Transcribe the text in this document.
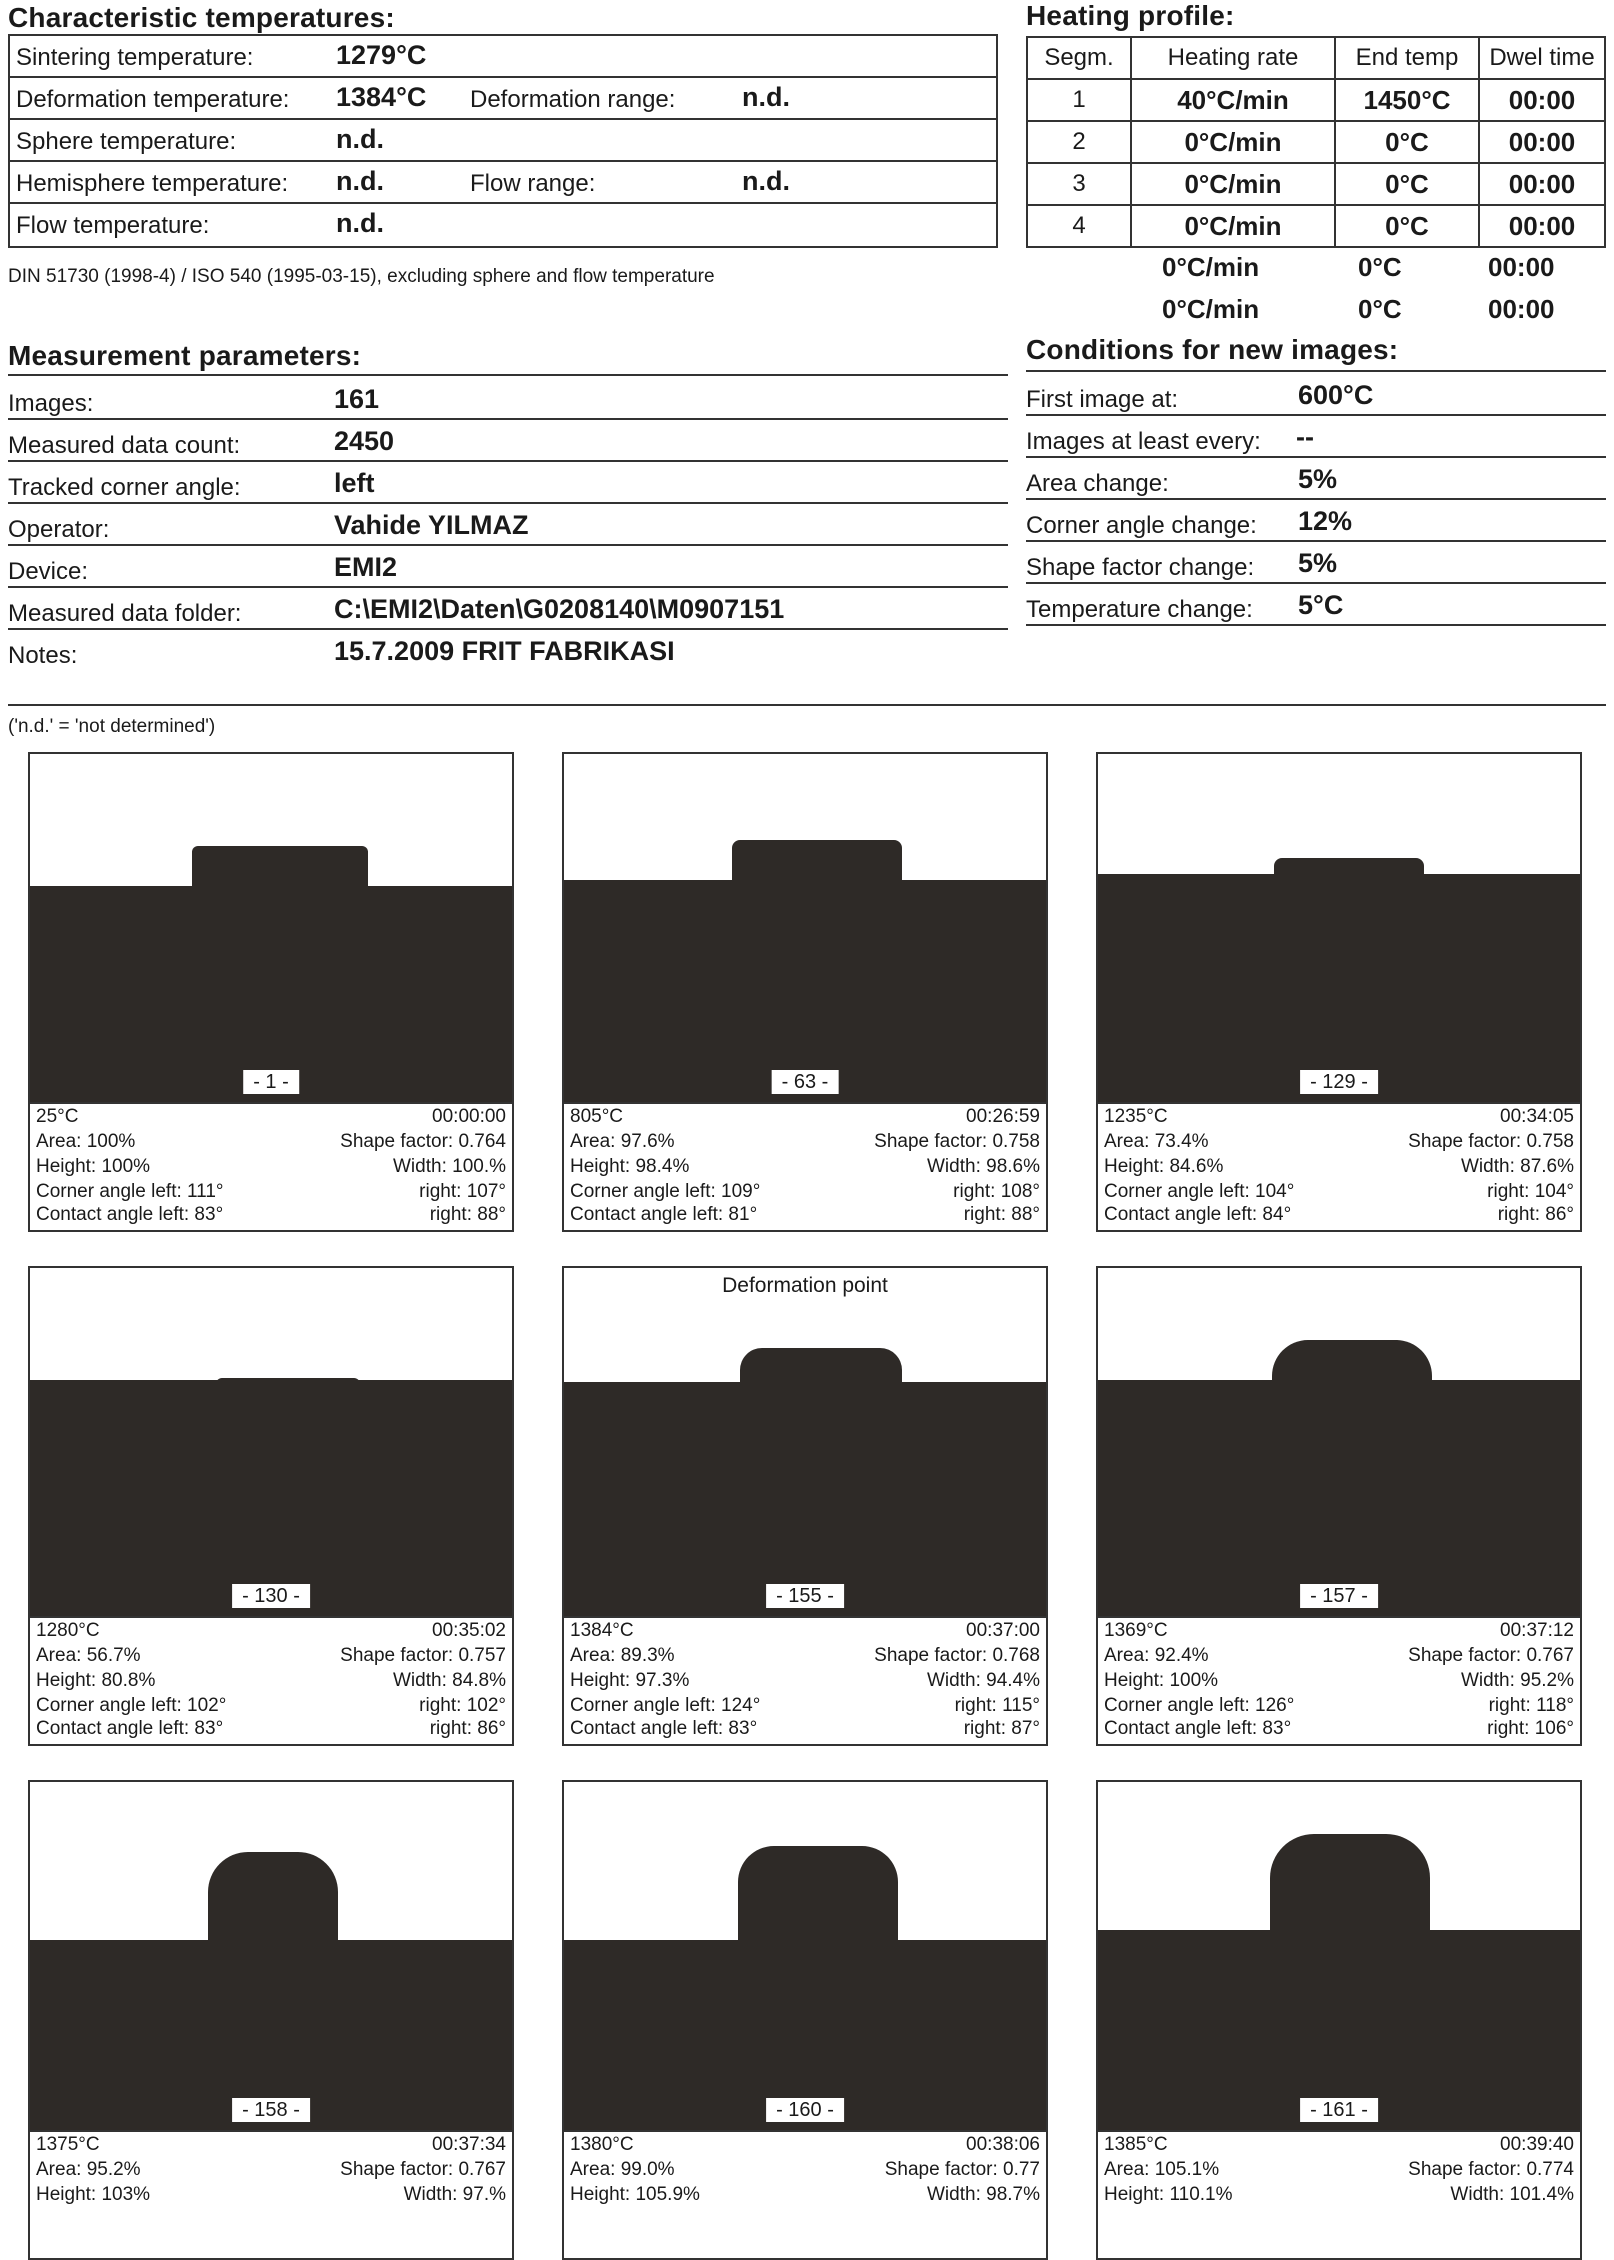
Characteristic temperatures:
Sintering temperature:	1279°C
Deformation temperature: 1384°C Deformation range: n.d.
Sphere temperature:	n.d.
Hemisphere temperature: n.d.	Flow range:	n.d.
Flow temperature:	n.d.
DIN 51730 (1998-4) / ISO 540 (1995-03-15), excluding sphere and flow temperature
Heating profile:
Segm.	Heating rate	End temp	Dwel time
1	40°C/min	1450°C	00:00
2	0°C/min	0°C	00:00
3	0°C/min	0°C	00:00
4	0°C/min	0°C	00:00
0°C/min	0°C	00:00
0°C/min	0°C	00:00
Measurement parameters:
Images:	161
Measured data count:	2450
Tracked corner angle:	left
Operator:	Vahide YILMAZ
Device:	EMI2
Measured data folder:	C:\EMI2\Daten\G0208140\M0907151
Notes:	15.7.2009 FRIT FABRIKASI
Conditions for new images:
First image at:	600°C
Images at least every: --
Area change:	5%
Corner angle change: 12%
Shape factor change: 5%
Temperature change: 5°C
('n.d.' = 'not determined')
- 1 -
25°C	00:00:00
Area: 100%	Shape factor: 0.764
Height: 100%	Width: 100.%
Corner angle left: 111°	right: 107°
Contact angle left: 83°	right: 88°
- 63 -
805°C	00:26:59
Area: 97.6%	Shape factor: 0.758
Height: 98.4%	Width: 98.6%
Corner angle left: 109°	right: 108°
Contact angle left: 81°	right: 88°
- 129 -
1235°C	00:34:05
Area: 73.4%	Shape factor: 0.758
Height: 84.6%	Width: 87.6%
Corner angle left: 104°	right: 104°
Contact angle left: 84°	right: 86°
- 130 -
1280°C	00:35:02
Area: 56.7%	Shape factor: 0.757
Height: 80.8%	Width: 84.8%
Corner angle left: 102°	right: 102°
Contact angle left: 83°	right: 86°
Deformation point
- 155 -
1384°C	00:37:00
Area: 89.3%	Shape factor: 0.768
Height: 97.3%	Width: 94.4%
Corner angle left: 124°	right: 115°
Contact angle left: 83°	right: 87°
- 157 -
1369°C	00:37:12
Area: 92.4%	Shape factor: 0.767
Height: 100%	Width: 95.2%
Corner angle left: 126°	right: 118°
Contact angle left: 83°	right: 106°
- 158 -
1375°C	00:37:34
Area: 95.2%	Shape factor: 0.767
Height: 103%	Width: 97.%
- 160 -
1380°C	00:38:06
Area: 99.0%	Shape factor: 0.77
Height: 105.9%	Width: 98.7%
- 161 -
1385°C	00:39:40
Area: 105.1%	Shape factor: 0.774
Height: 110.1%	Width: 101.4%
